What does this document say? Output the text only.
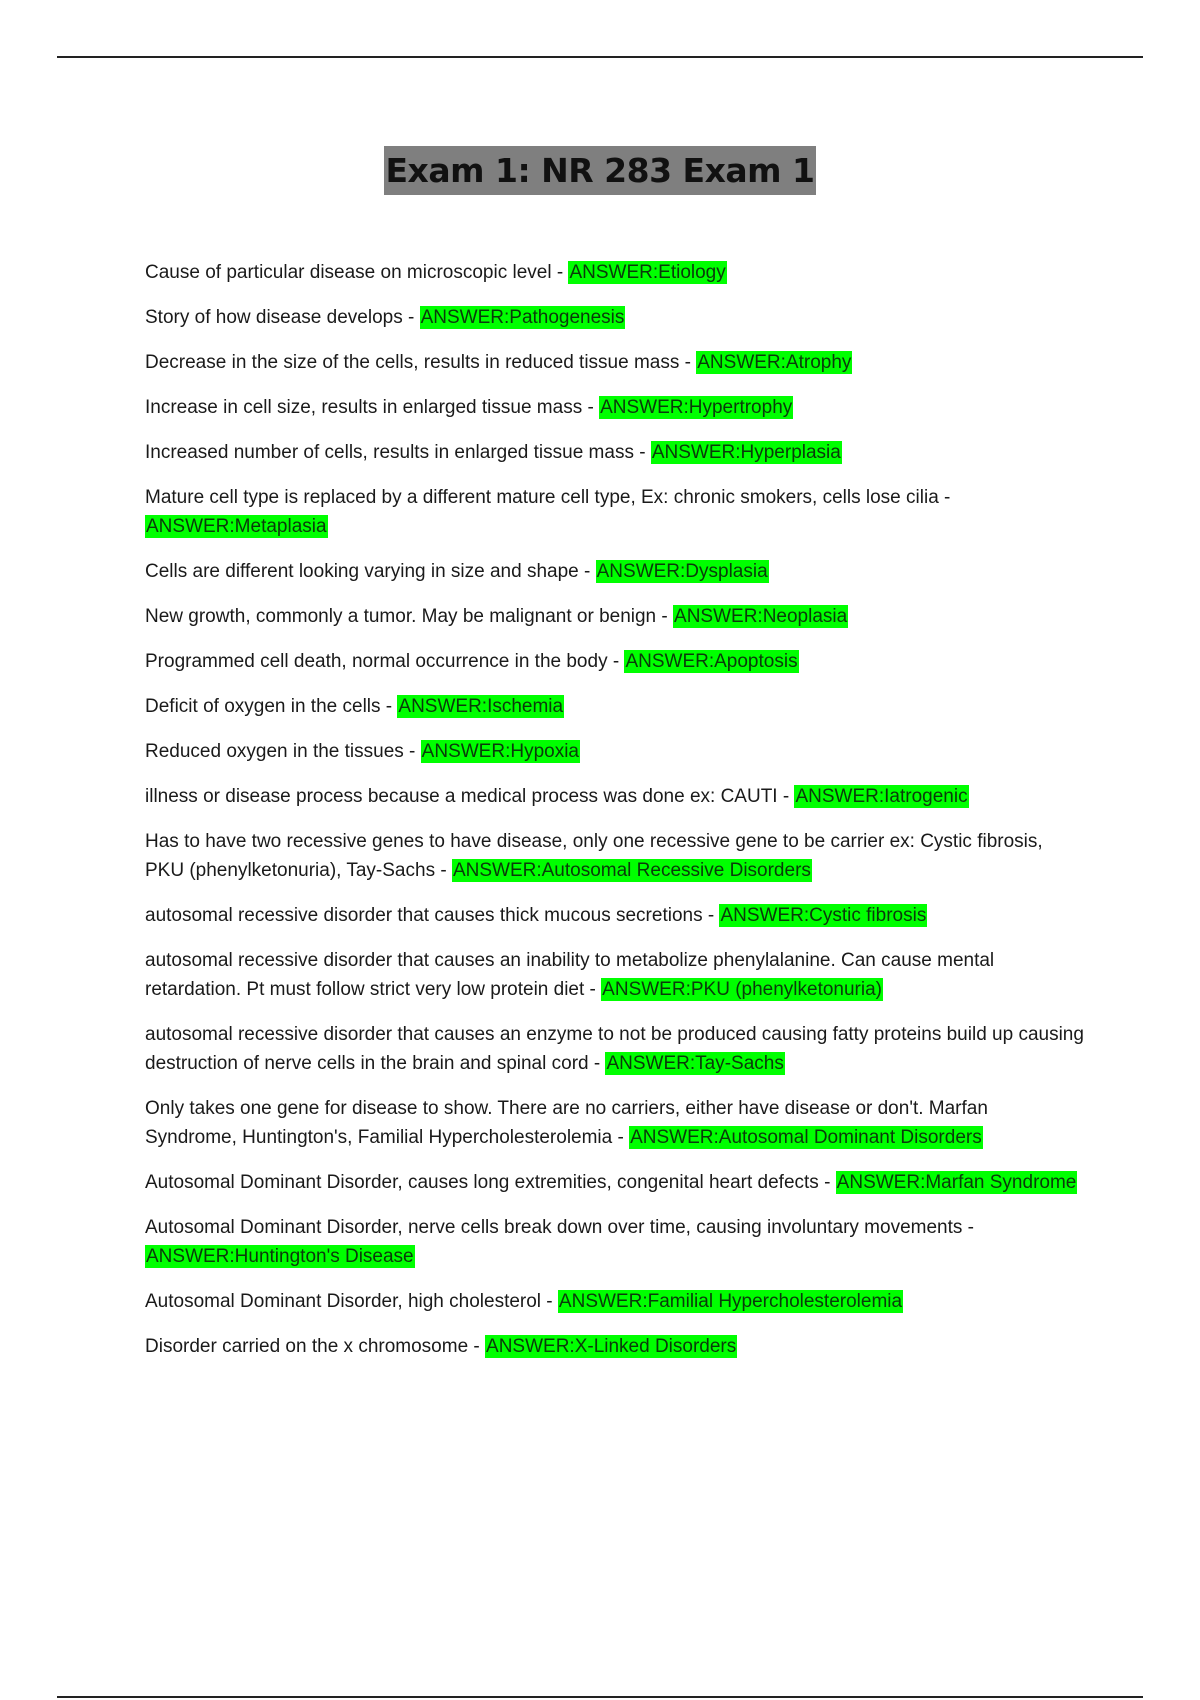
Exam 1: NR 283 Exam 1

Cause of particular disease on microscopic level - ANSWER:Etiology

Story of how disease develops - ANSWER:Pathogenesis

Decrease in the size of the cells, results in reduced tissue mass - ANSWER:Atrophy

Increase in cell size, results in enlarged tissue mass - ANSWER:Hypertrophy

Increased number of cells, results in enlarged tissue mass - ANSWER:Hyperplasia

Mature cell type is replaced by a different mature cell type, Ex: chronic smokers, cells lose cilia - ANSWER:Metaplasia

Cells are different looking varying in size and shape - ANSWER:Dysplasia

New growth, commonly a tumor. May be malignant or benign - ANSWER:Neoplasia

Programmed cell death, normal occurrence in the body - ANSWER:Apoptosis

Deficit of oxygen in the cells - ANSWER:Ischemia

Reduced oxygen in the tissues - ANSWER:Hypoxia

illness or disease process because a medical process was done ex: CAUTI - ANSWER:Iatrogenic

Has to have two recessive genes to have disease, only one recessive gene to be carrier ex: Cystic fibrosis, PKU (phenylketonuria), Tay-Sachs - ANSWER:Autosomal Recessive Disorders

autosomal recessive disorder that causes thick mucous secretions - ANSWER:Cystic fibrosis

autosomal recessive disorder that causes an inability to metabolize phenylalanine. Can cause mental retardation. Pt must follow strict very low protein diet - ANSWER:PKU (phenylketonuria)

autosomal recessive disorder that causes an enzyme to not be produced causing fatty proteins build up causing destruction of nerve cells in the brain and spinal cord - ANSWER:Tay-Sachs

Only takes one gene for disease to show. There are no carriers, either have disease or don't. Marfan Syndrome, Huntington's, Familial Hypercholesterolemia - ANSWER:Autosomal Dominant Disorders

Autosomal Dominant Disorder, causes long extremities, congenital heart defects - ANSWER:Marfan Syndrome

Autosomal Dominant Disorder, nerve cells break down over time, causing involuntary movements - ANSWER:Huntington's Disease

Autosomal Dominant Disorder, high cholesterol - ANSWER:Familial Hypercholesterolemia

Disorder carried on the x chromosome - ANSWER:X-Linked Disorders
